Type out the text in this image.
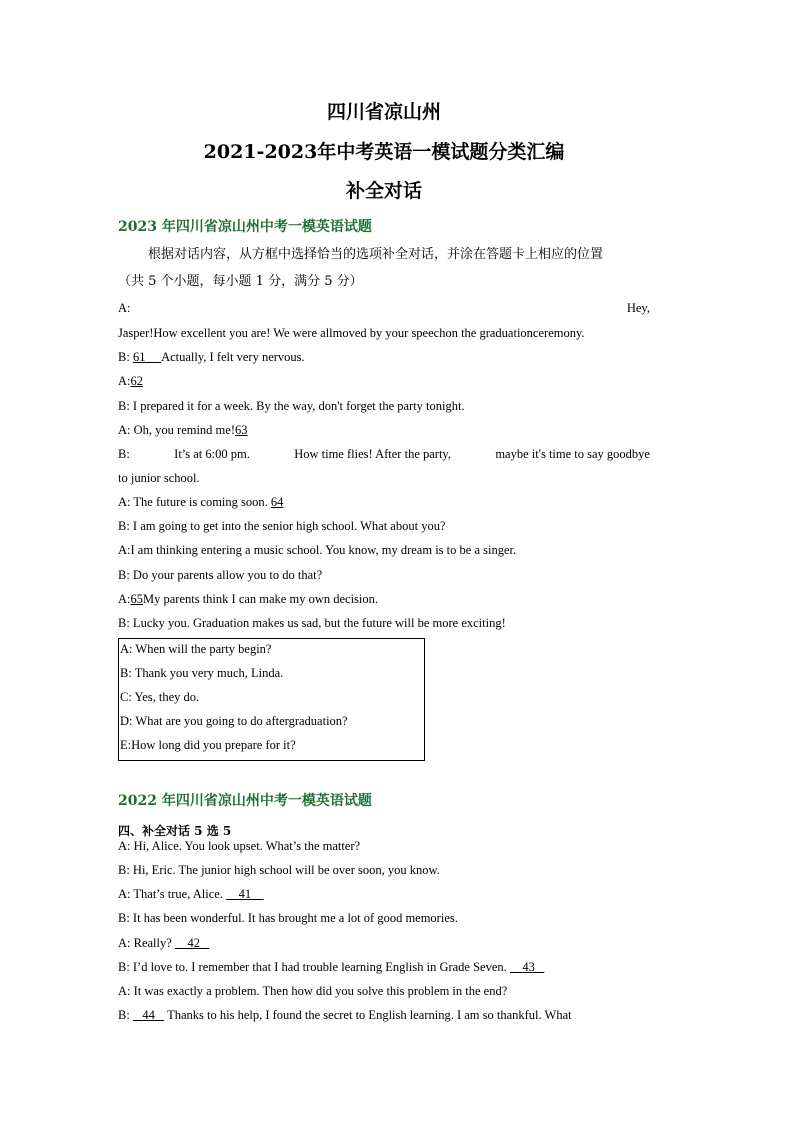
四川省凉山州
2021-2023年中考英语一模试题分类汇编
补全对话
2023 年四川省凉山州中考一模英语试题
根据对话内容，从方框中选择恰当的选项补全对话，并涂在答题卡上相应的位置
（共 5 个小题，每小题 1 分，满分 5 分）
A:	Hey,
Jasper!How excellent you are! We were allmoved by your speechon the graduationceremony.
B: 61 Actually, I felt very nervous.
A:62
B: I prepared it for a week. By the way, don't forget the party tonight.
A: Oh, you remind me!63
B:	It’s at 6:00 pm.	How time flies! After the party,	maybe it's time to say goodbye
to junior school.
A: The future is coming soon. 64
B: I am going to get into the senior high school. What about you?
A:I am thinking entering a music school. You know, my dream is to be a singer.
B: Do your parents allow you to do that?
A:65My parents think I can make my own decision.
B: Lucky you. Graduation makes us sad, but the future will be more exciting!
A: When will the party begin?
B: Thank you very much, Linda.
C: Yes, they do.
D: What are you going to do aftergraduation?
E:How long did you prepare for it?
2022 年四川省凉山州中考一模英语试题
四、补全对话 5 选 5
A: Hi, Alice. You look upset. What’s the matter?
B: Hi, Eric. The junior high school will be over soon, you know.
A: That’s true, Alice.     41
B: It has been wonderful. It has brought me a lot of good memories.
A: Really?     42
B: I’d love to. I remember that I had trouble learning English in Grade Seven.     43
A: It was exactly a problem. Then how did you solve this problem in the end?
B:    44    Thanks to his help, I found the secret to English learning. I am so thankful. What
